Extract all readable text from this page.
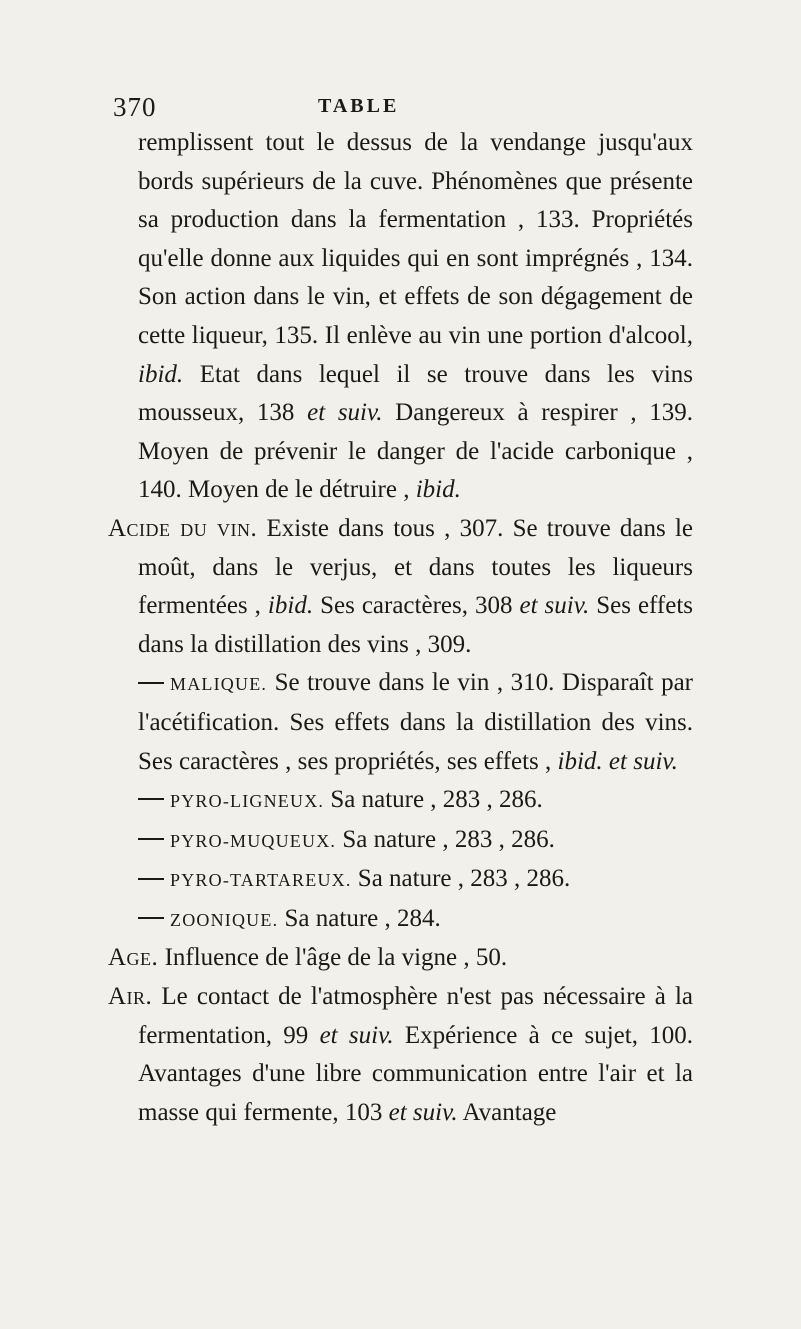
370	TABLE

remplissent tout le dessus de la vendange jusqu'aux bords supérieurs de la cuve. Phénomènes que présente sa production dans la fermentation , 133. Propriétés qu'elle donne aux liquides qui en sont imprégnés , 134. Son action dans le vin, et effets de son dégagement de cette liqueur, 135. Il enlève au vin une portion d'alcool, ibid. Etat dans lequel il se trouve dans les vins mousseux, 138 et suiv. Dangereux à respirer , 139. Moyen de prévenir le danger de l'acide carbonique , 140. Moyen de le détruire , ibid.

Acide du vin. Existe dans tous , 307. Se trouve dans le moût, dans le verjus, et dans toutes les liqueurs fermentées , ibid. Ses caractères, 308 et suiv. Ses effets dans la distillation des vins , 309.

MALIQUE. Se trouve dans le vin , 310. Disparaît par l'acétification. Ses effets dans la distillation des vins. Ses caractères , ses propriétés, ses effets , ibid. et suiv.

PYRO-LIGNEUX. Sa nature , 283 , 286.

PYRO-MUQUEUX. Sa nature , 283 , 286.

PYRO-TARTAREUX. Sa nature , 283 , 286.

ZOONIQUE. Sa nature , 284.

Age. Influence de l'âge de la vigne , 50.

Air. Le contact de l'atmosphère n'est pas nécessaire à la fermentation, 99 et suiv. Expérience à ce sujet, 100. Avantages d'une libre communication entre l'air et la masse qui fermente, 103 et suiv. Avantage
